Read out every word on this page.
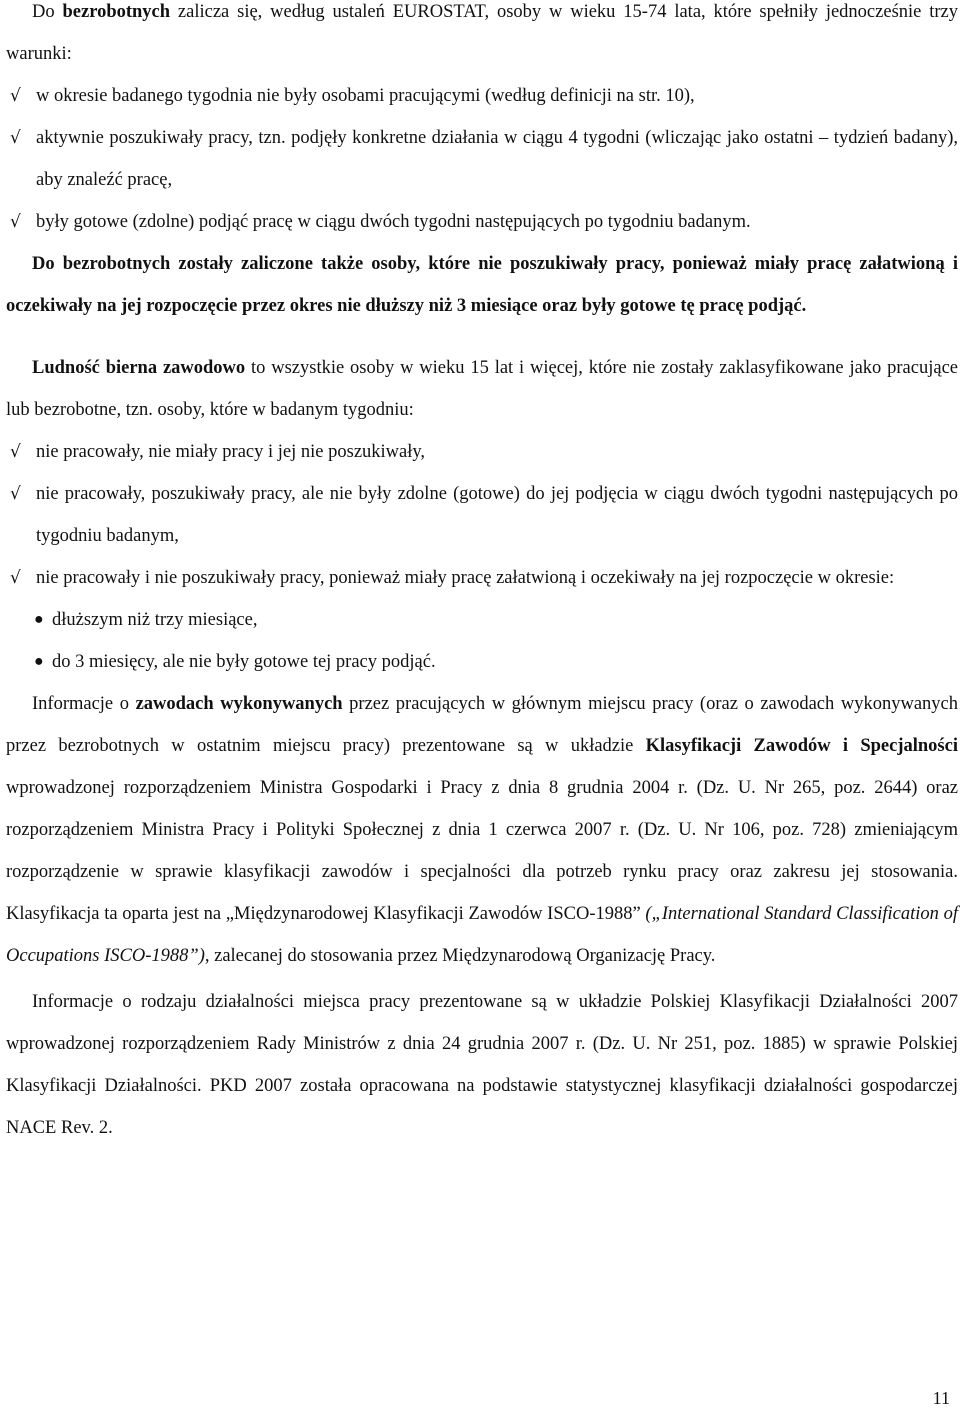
Do bezrobotnych zalicza się, według ustaleń EUROSTAT, osoby w wieku 15-74 lata, które spełniły jednocześnie trzy warunki:

√ w okresie badanego tygodnia nie były osobami pracującymi (według definicji na str. 10),
√ aktywnie poszukiwały pracy, tzn. podjęły konkretne działania w ciągu 4 tygodni (wliczając jako ostatni – tydzień badany), aby znaleźć pracę,
√ były gotowe (zdolne) podjąć pracę w ciągu dwóch tygodni następujących po tygodniu badanym.

Do bezrobotnych zostały zaliczone także osoby, które nie poszukiwały pracy, ponieważ miały pracę załatwioną i oczekiwały na jej rozpoczęcie przez okres nie dłuższy niż 3 miesiące oraz były gotowe tę pracę podjąć.

Ludność bierna zawodowo to wszystkie osoby w wieku 15 lat i więcej, które nie zostały zaklasyfikowane jako pracujące lub bezrobotne, tzn. osoby, które w badanym tygodniu:

√ nie pracowały, nie miały pracy i jej nie poszukiwały,
√ nie pracowały, poszukiwały pracy, ale nie były zdolne (gotowe) do jej podjęcia w ciągu dwóch tygodni następujących po tygodniu badanym,
√ nie pracowały i nie poszukiwały pracy, ponieważ miały pracę załatwioną i oczekiwały na jej rozpoczęcie w okresie:
● dłuższym niż trzy miesiące,
● do 3 miesięcy, ale nie były gotowe tej pracy podjąć.

Informacje o zawodach wykonywanych przez pracujących w głównym miejscu pracy (oraz o zawodach wykonywanych przez bezrobotnych w ostatnim miejscu pracy) prezentowane są w układzie Klasyfikacji Zawodów i Specjalności wprowadzonej rozporządzeniem Ministra Gospodarki i Pracy z dnia 8 grudnia 2004 r. (Dz. U. Nr 265, poz. 2644) oraz rozporządzeniem Ministra Pracy i Polityki Społecznej z dnia 1 czerwca 2007 r. (Dz. U. Nr 106, poz. 728) zmieniającym rozporządzenie w sprawie klasyfikacji zawodów i specjalności dla potrzeb rynku pracy oraz zakresu jej stosowania. Klasyfikacja ta oparta jest na „Międzynarodowej Klasyfikacji Zawodów ISCO-1988” („International Standard Classification of Occupations ISCO-1988”), zalecanej do stosowania przez Międzynarodową Organizację Pracy.

Informacje o rodzaju działalności miejsca pracy prezentowane są w układzie Polskiej Klasyfikacji Działalności 2007 wprowadzonej rozporządzeniem Rady Ministrów z dnia 24 grudnia 2007 r. (Dz. U. Nr 251, poz. 1885) w sprawie Polskiej Klasyfikacji Działalności. PKD 2007 została opracowana na podstawie statystycznej klasyfikacji działalności gospodarczej NACE Rev. 2.

11
